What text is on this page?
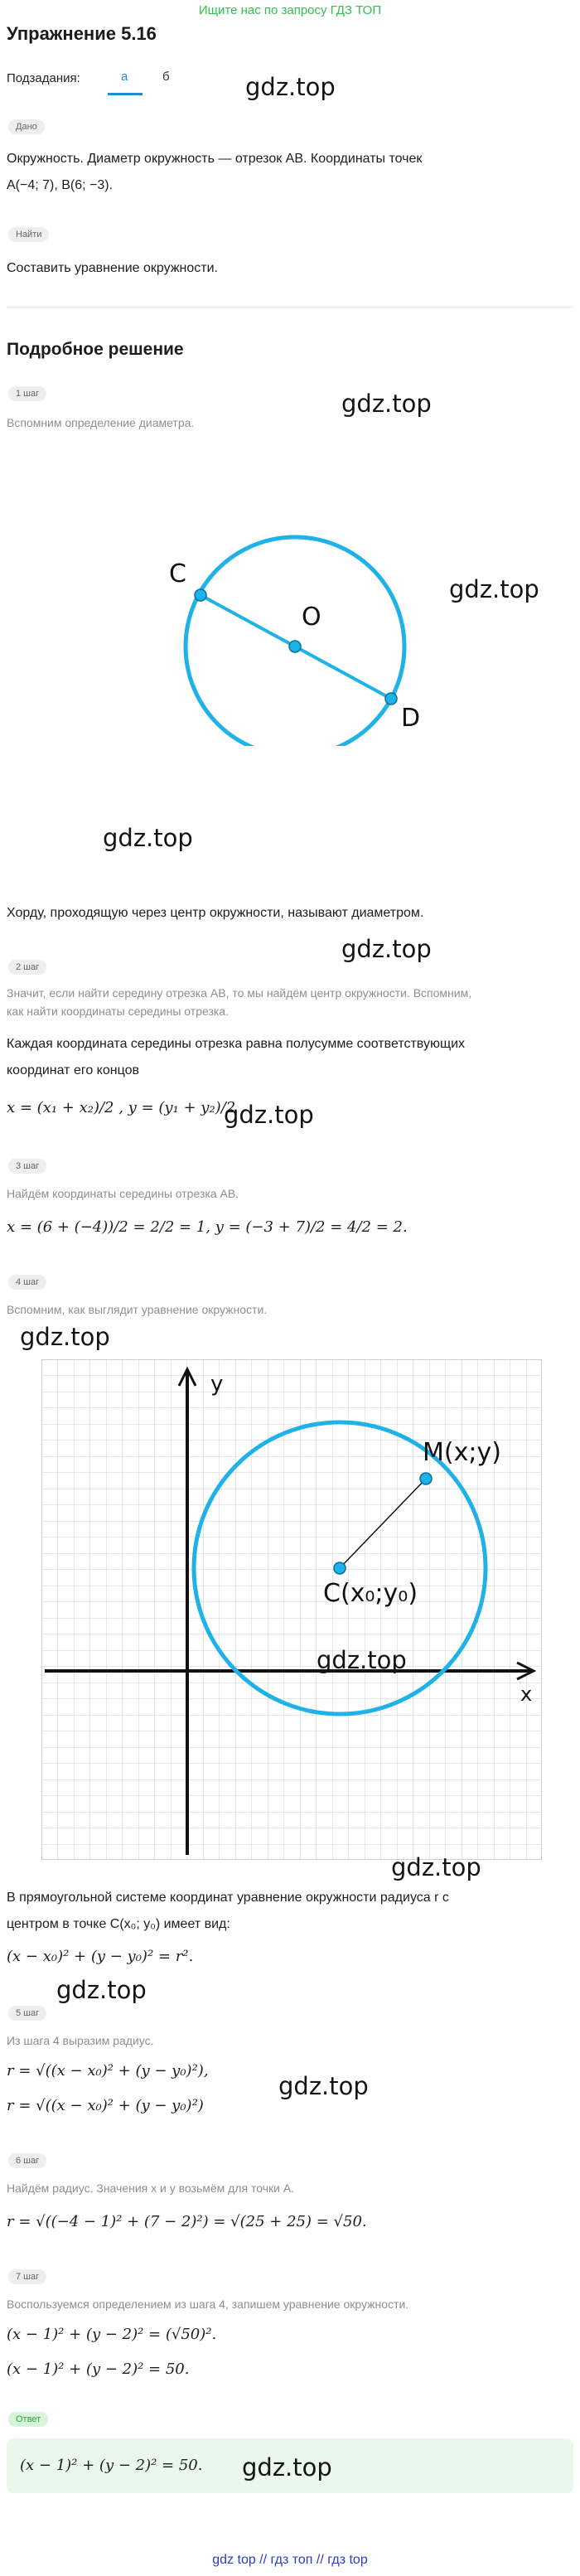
Ищите нас по запросу ГДЗ ТОП
Упражнение 5.16
Подзадания:	а	б	gdz.top
Дано
Окружность. Диаметр окружность — отрезок AB. Координаты точек
A(−4; 7), B(6; −3).
Найти
Составить уравнение окружности.
Подробное решение
1 шаг	gdz.top
Вспомним определение диаметра.
C
O
D
gdz.top
gdz.top
Хорду, проходящую через центр окружности, называют диаметром.
2 шаг
gdz.top
Значит, если найти середину отрезка AB, то мы найдём центр окружности. Вспомним,
как найти координаты середины отрезка.
Каждая координата середины отрезка равна полусумме соответствующих
координат его концов
x = (x₁ + x₂)/2 , y = (y₁ + y₂)/2 .
gdz.top
3 шаг
Найдём координаты середины отрезка AB.
x = (6 + (−4))/2 = 2/2 = 1, y = (−3 + 7)/2 = 4/2 = 2.
4 шаг
Вспомним, как выглядит уравнение окружности.
gdz.top
y
x
M(x;y)
C(x₀;y₀)
gdz.top
gdz.top
В прямоугольной системе координат уравнение окружности радиуса r с
центром в точке C(x₀; y₀) имеет вид:
(x − x₀)² + (y − y₀)² = r².
gdz.top
5 шаг
Из шага 4 выразим радиус.
r = √((x − x₀)² + (y − y₀)²),
gdz.top
r = √((x − x₀)² + (y − y₀)²)
6 шаг
Найдём радиус. Значения x и y возьмём для точки A.
r = √((−4 − 1)² + (7 − 2)²) = √(25 + 25) = √50.
7 шаг
Воспользуемся определением из шага 4, запишем уравнение окружности.
(x − 1)² + (y − 2)² = (√50)².
(x − 1)² + (y − 2)² = 50.
Ответ
(x − 1)² + (y − 2)² = 50. gdz.top
gdz top // гдз топ // гдз top
